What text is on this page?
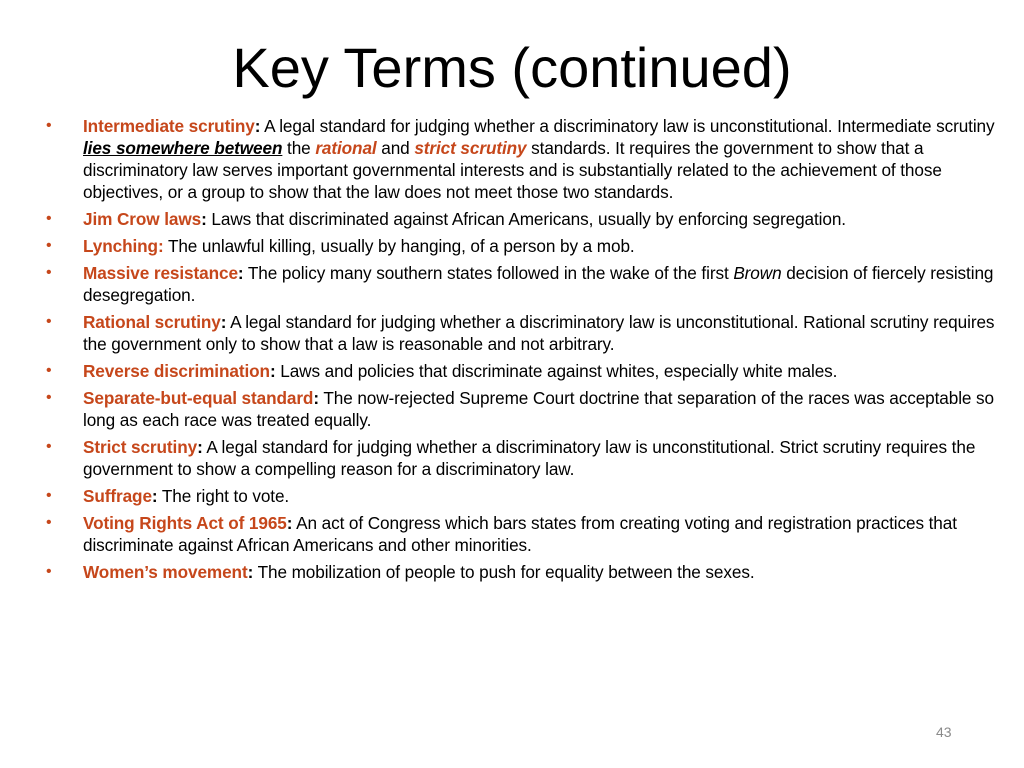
Key Terms (continued)
•	Intermediate scrutiny: A legal standard for judging whether a discriminatory law is unconstitutional. Intermediate scrutiny lies somewhere between the rational and strict scrutiny standards. It requires the government to show that a discriminatory law serves important governmental interests and is substantially related to the achievement of those objectives, or a group to show that the law does not meet those two standards.
•	Jim Crow laws: Laws that discriminated against African Americans, usually by enforcing segregation.
•	Lynching: The unlawful killing, usually by hanging, of a person by a mob.
•	Massive resistance: The policy many southern states followed in the wake of the first Brown decision of fiercely resisting desegregation.
•	Rational scrutiny: A legal standard for judging whether a discriminatory law is unconstitutional. Rational scrutiny requires the government only to show that a law is reasonable and not arbitrary.
•	Reverse discrimination: Laws and policies that discriminate against whites, especially white males.
•	Separate-but-equal standard: The now-rejected Supreme Court doctrine that separation of the races was acceptable so long as each race was treated equally.
•	Strict scrutiny: A legal standard for judging whether a discriminatory law is unconstitutional. Strict scrutiny requires the government to show a compelling reason for a discriminatory law.
•	Suffrage: The right to vote.
•	Voting Rights Act of 1965: An act of Congress which bars states from creating voting and registration practices that discriminate against African Americans and other minorities.
•	Women’s movement: The mobilization of people to push for equality between the sexes.
43
